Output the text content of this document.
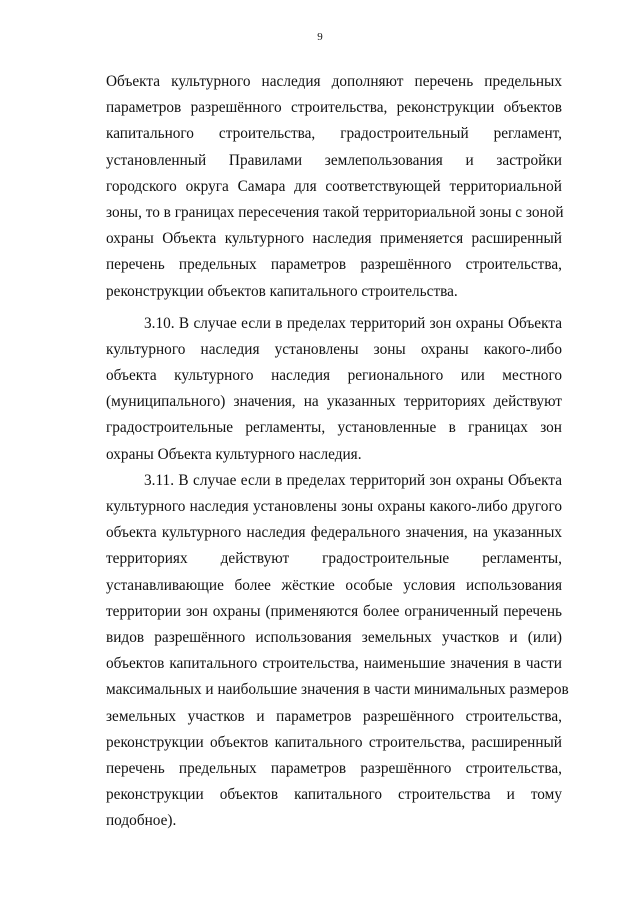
9
Объекта культурного наследия дополняют перечень предельных
параметров разрешённого строительства, реконструкции объектов
капитального строительства, градостроительный регламент,
установленный Правилами землепользования и застройки
городского округа Самара для соответствующей территориальной
зоны, то в границах пересечения такой территориальной зоны с зоной
охраны Объекта культурного наследия применяется расширенный
перечень предельных параметров разрешённого строительства,
реконструкции объектов капитального строительства.
3.10. В случае если в пределах территорий зон охраны Объекта
культурного наследия установлены зоны охраны какого-либо
объекта культурного наследия регионального или местного
(муниципального) значения, на указанных территориях действуют
градостроительные регламенты, установленные в границах зон
охраны Объекта культурного наследия.
3.11. В случае если в пределах территорий зон охраны Объекта
культурного наследия установлены зоны охраны какого-либо другого
объекта культурного наследия федерального значения, на указанных
территориях действуют градостроительные регламенты,
устанавливающие более жёсткие особые условия использования
территории зон охраны (применяются более ограниченный перечень
видов разрешённого использования земельных участков и (или)
объектов капитального строительства, наименьшие значения в части
максимальных и наибольшие значения в части минимальных размеров
земельных участков и параметров разрешённого строительства,
реконструкции объектов капитального строительства, расширенный
перечень предельных параметров разрешённого строительства,
реконструкции объектов капитального строительства и тому
подобное).
